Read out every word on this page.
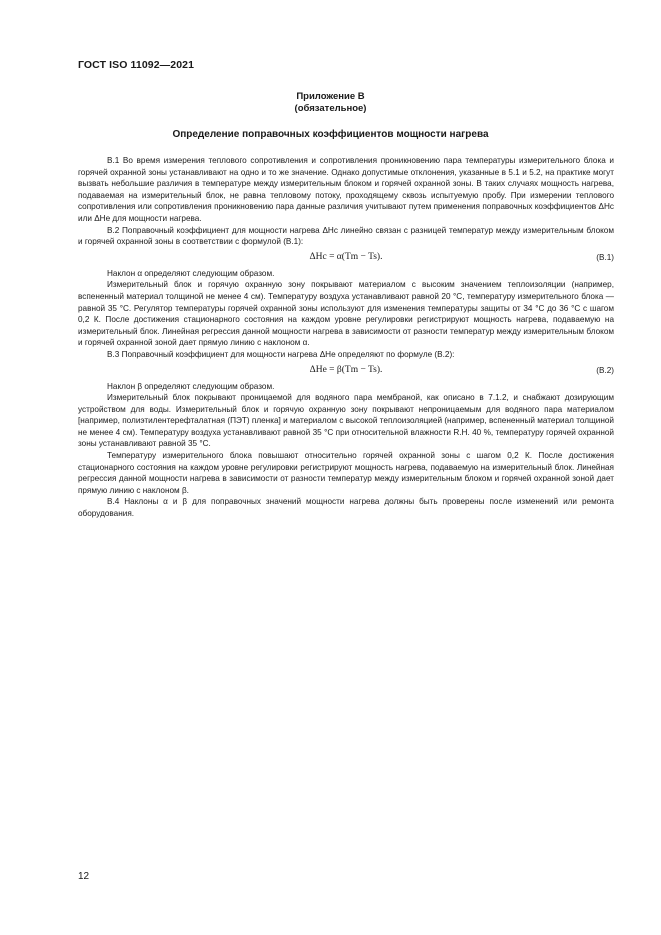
ГОСТ ISO 11092—2021
Приложение В
(обязательное)
Определение поправочных коэффициентов мощности нагрева

В.1 Во время измерения теплового сопротивления и сопротивления проникновению пара температуры измерительного блока и горячей охранной зоны устанавливают на одно и то же значение. Однако допустимые отклонения, указанные в 5.1 и 5.2, на практике могут вызвать небольшие различия в температуре между измерительным блоком и горячей охранной зоны. В таких случаях мощность нагрева, подаваемая на измерительный блок, не равна тепловому потоку, проходящему сквозь испытуемую пробу. При измерении теплового сопротивления или сопротивления проникновению пара данные различия учитывают путем применения поправочных коэффициентов ΔHc или ΔHe для мощности нагрева.

В.2 Поправочный коэффициент для мощности нагрева ΔHc линейно связан с разницей температур между измерительным блоком и горячей охранной зоны в соответствии с формулой (В.1):

ΔHc = α(Tm − Ts).	(В.1)

Наклон α определяют следующим образом.

Измерительный блок и горячую охранную зону покрывают материалом с высоким значением теплоизоляции (например, вспененный материал толщиной не менее 4 см). Температуру воздуха устанавливают равной 20 °С, температуру измерительного блока — равной 35 °С. Регулятор температуры горячей охранной зоны используют для изменения температуры защиты от 34 °С до 36 °С с шагом 0,2 К. После достижения стационарного состояния на каждом уровне регулировки регистрируют мощность нагрева, подаваемую на измерительный блок. Линейная регрессия данной мощности нагрева в зависимости от разности температур между измерительным блоком и горячей охранной зоной дает прямую линию с наклоном α.

В.3 Поправочный коэффициент для мощности нагрева ΔHe определяют по формуле (В.2):

ΔHe = β(Tm − Ts).	(В.2)

Наклон β определяют следующим образом.

Измерительный блок покрывают проницаемой для водяного пара мембраной, как описано в 7.1.2, и снабжают дозирующим устройством для воды. Измерительный блок и горячую охранную зону покрывают непроницаемым для водяного пара материалом [например, полиэтилентерефталатная (ПЭТ) пленка] и материалом с высокой теплоизоляцией (например, вспененный материал толщиной не менее 4 см). Температуру воздуха устанавливают равной 35 °С при относительной влажности R.H. 40 %, температуру горячей охранной зоны устанавливают равной 35 °С.

Температуру измерительного блока повышают относительно горячей охранной зоны с шагом 0,2 К. После достижения стационарного состояния на каждом уровне регулировки регистрируют мощность нагрева, подаваемую на измерительный блок. Линейная регрессия данной мощности нагрева в зависимости от разности температур между измерительным блоком и горячей охранной зоной дает прямую линию с наклоном β.

В.4 Наклоны α и β для поправочных значений мощности нагрева должны быть проверены после изменений или ремонта оборудования.

12
